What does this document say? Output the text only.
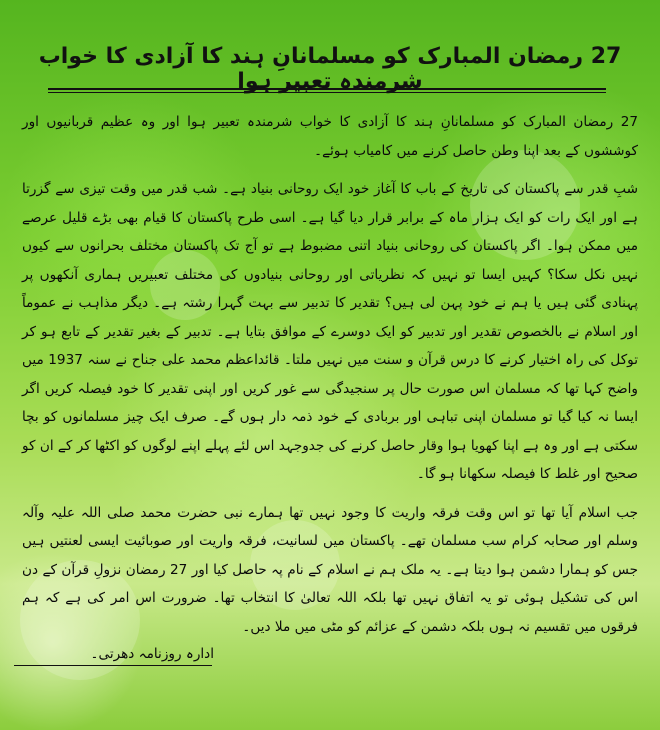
27 رمضان المبارک کو مسلمانانِ ہند کا آزادی کا خواب شرمندہ تعبیر ہوا

27 رمضان المبارک کو مسلمانانِ ہند کا آزادی کا خواب شرمندہ تعبیر ہوا اور وہ عظیم قربانیوں اور کوششوں کے بعد اپنا وطن حاصل کرنے میں کامیاب ہوئے۔

شبِ قدر سے پاکستان کی تاریخ کے باب کا آغاز خود ایک روحانی بنیاد ہے۔ شب قدر میں وقت تیزی سے گزرتا ہے اور ایک رات کو ایک ہزار ماہ کے برابر قرار دیا گیا ہے۔ اسی طرح پاکستان کا قیام بھی بڑے قلیل عرصے میں ممکن ہوا۔ اگر پاکستان کی روحانی بنیاد اتنی مضبوط ہے تو آج تک پاکستان مختلف بحرانوں سے کیوں نہیں نکل سکا؟ کہیں ایسا تو نہیں کہ نظریاتی اور روحانی بنیادوں کی مختلف تعبیریں ہماری آنکھوں پر پہنادی گئی ہیں یا ہم نے خود پہن لی ہیں؟ تقدیر کا تدبیر سے بہت گہرا رشتہ ہے۔ دیگر مذاہب نے عموماً اور اسلام نے بالخصوص تقدیر اور تدبیر کو ایک دوسرے کے موافق بتایا ہے۔ تدبیر کے بغیر تقدیر کے تابع ہو کر توکل کی راہ اختیار کرنے کا درس قرآن و سنت میں نہیں ملتا۔ قائداعظم محمد علی جناح نے سنہ 1937 میں واضح کہا تھا کہ مسلمان اس صورت حال پر سنجیدگی سے غور کریں اور اپنی تقدیر کا خود فیصلہ کریں اگر ایسا نہ کیا گیا تو مسلمان اپنی تباہی اور بربادی کے خود ذمہ دار ہوں گے۔ صرف ایک چیز مسلمانوں کو بچا سکتی ہے اور وہ ہے اپنا کھویا ہوا وقار حاصل کرنے کی جدوجہد اس لئے پہلے اپنے لوگوں کو اکٹھا کر کے ان کو صحیح اور غلط کا فیصلہ سکھانا ہو گا۔

جب اسلام آیا تھا تو اس وقت فرقہ واریت کا وجود نہیں تھا ہمارے نبی حضرت محمد صلی اللہ علیہ وآلہ وسلم اور صحابہ کرام سب مسلمان تھے۔ پاکستان میں لسانیت، فرقہ واریت اور صوبائیت ایسی لعنتیں ہیں جس کو ہمارا دشمن ہوا دیتا ہے۔ یہ ملک ہم نے اسلام کے نام پہ حاصل کیا اور 27 رمضان نزولِ قرآن کے دن اس کی تشکیل ہوئی تو یہ اتفاق نہیں تھا بلکہ اللہ تعالیٰ کا انتخاب تھا۔ ضرورت اس امر کی ہے کہ ہم فرقوں میں تقسیم نہ ہوں بلکہ دشمن کے عزائم کو مٹی میں ملا دیں۔

ادارہ روزنامہ دھرتی۔
